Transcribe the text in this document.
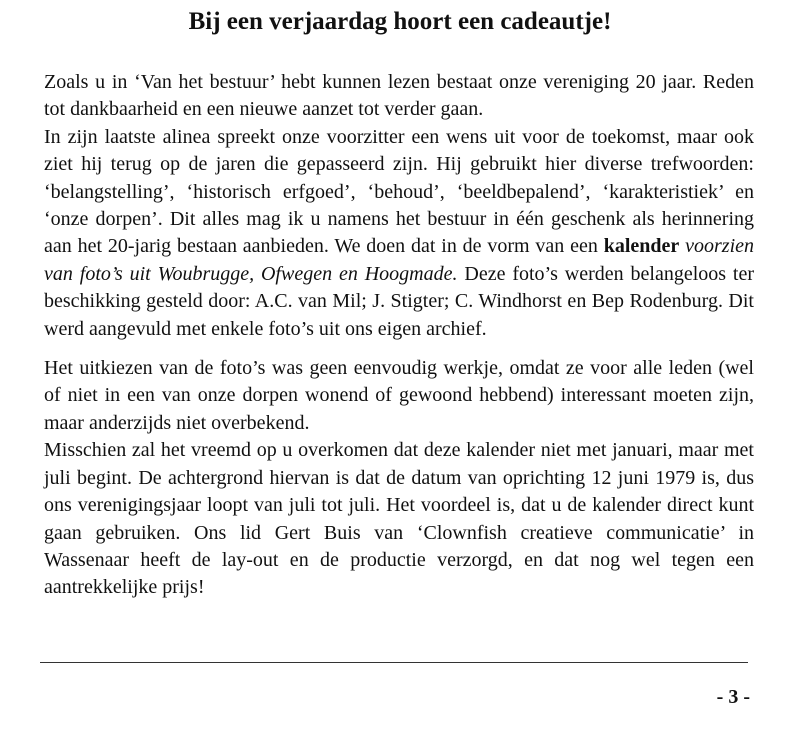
Bij een verjaardag hoort een cadeautje!

Zoals u in ‘Van het bestuur’ hebt kunnen lezen bestaat onze vereniging 20 jaar. Reden tot dankbaarheid en een nieuwe aanzet tot verder gaan.

In zijn laatste alinea spreekt onze voorzitter een wens uit voor de toekomst, maar ook ziet hij terug op de jaren die gepasseerd zijn. Hij gebruikt hier diverse trefwoorden: ‘belangstelling’, ‘historisch erfgoed’, ‘behoud’, ‘beeldbepalend’, ‘karakteristiek’ en ‘onze dorpen’. Dit alles mag ik u namens het bestuur in één geschenk als herinnering aan het 20-jarig bestaan aanbieden. We doen dat in de vorm van een kalender voorzien van foto’s uit Woubrugge, Ofwegen en Hoogmade. Deze foto’s werden belangeloos ter beschikking gesteld door: A.C. van Mil; J. Stigter; C. Windhorst en Bep Rodenburg. Dit werd aangevuld met enkele foto’s uit ons eigen archief.

Het uitkiezen van de foto’s was geen eenvoudig werkje, omdat ze voor alle leden (wel of niet in een van onze dorpen wonend of gewoond hebbend) interessant moeten zijn, maar anderzijds niet overbekend.

Misschien zal het vreemd op u overkomen dat deze kalender niet met januari, maar met juli begint. De achtergrond hiervan is dat de datum van oprichting 12 juni 1979 is, dus ons verenigingsjaar loopt van juli tot juli. Het voordeel is, dat u de kalender direct kunt gaan gebruiken. Ons lid Gert Buis van ‘Clownfish creatieve communicatie’ in Wassenaar heeft de lay-out en de productie verzorgd, en dat nog wel tegen een aantrekkelijke prijs!

- 3 -
